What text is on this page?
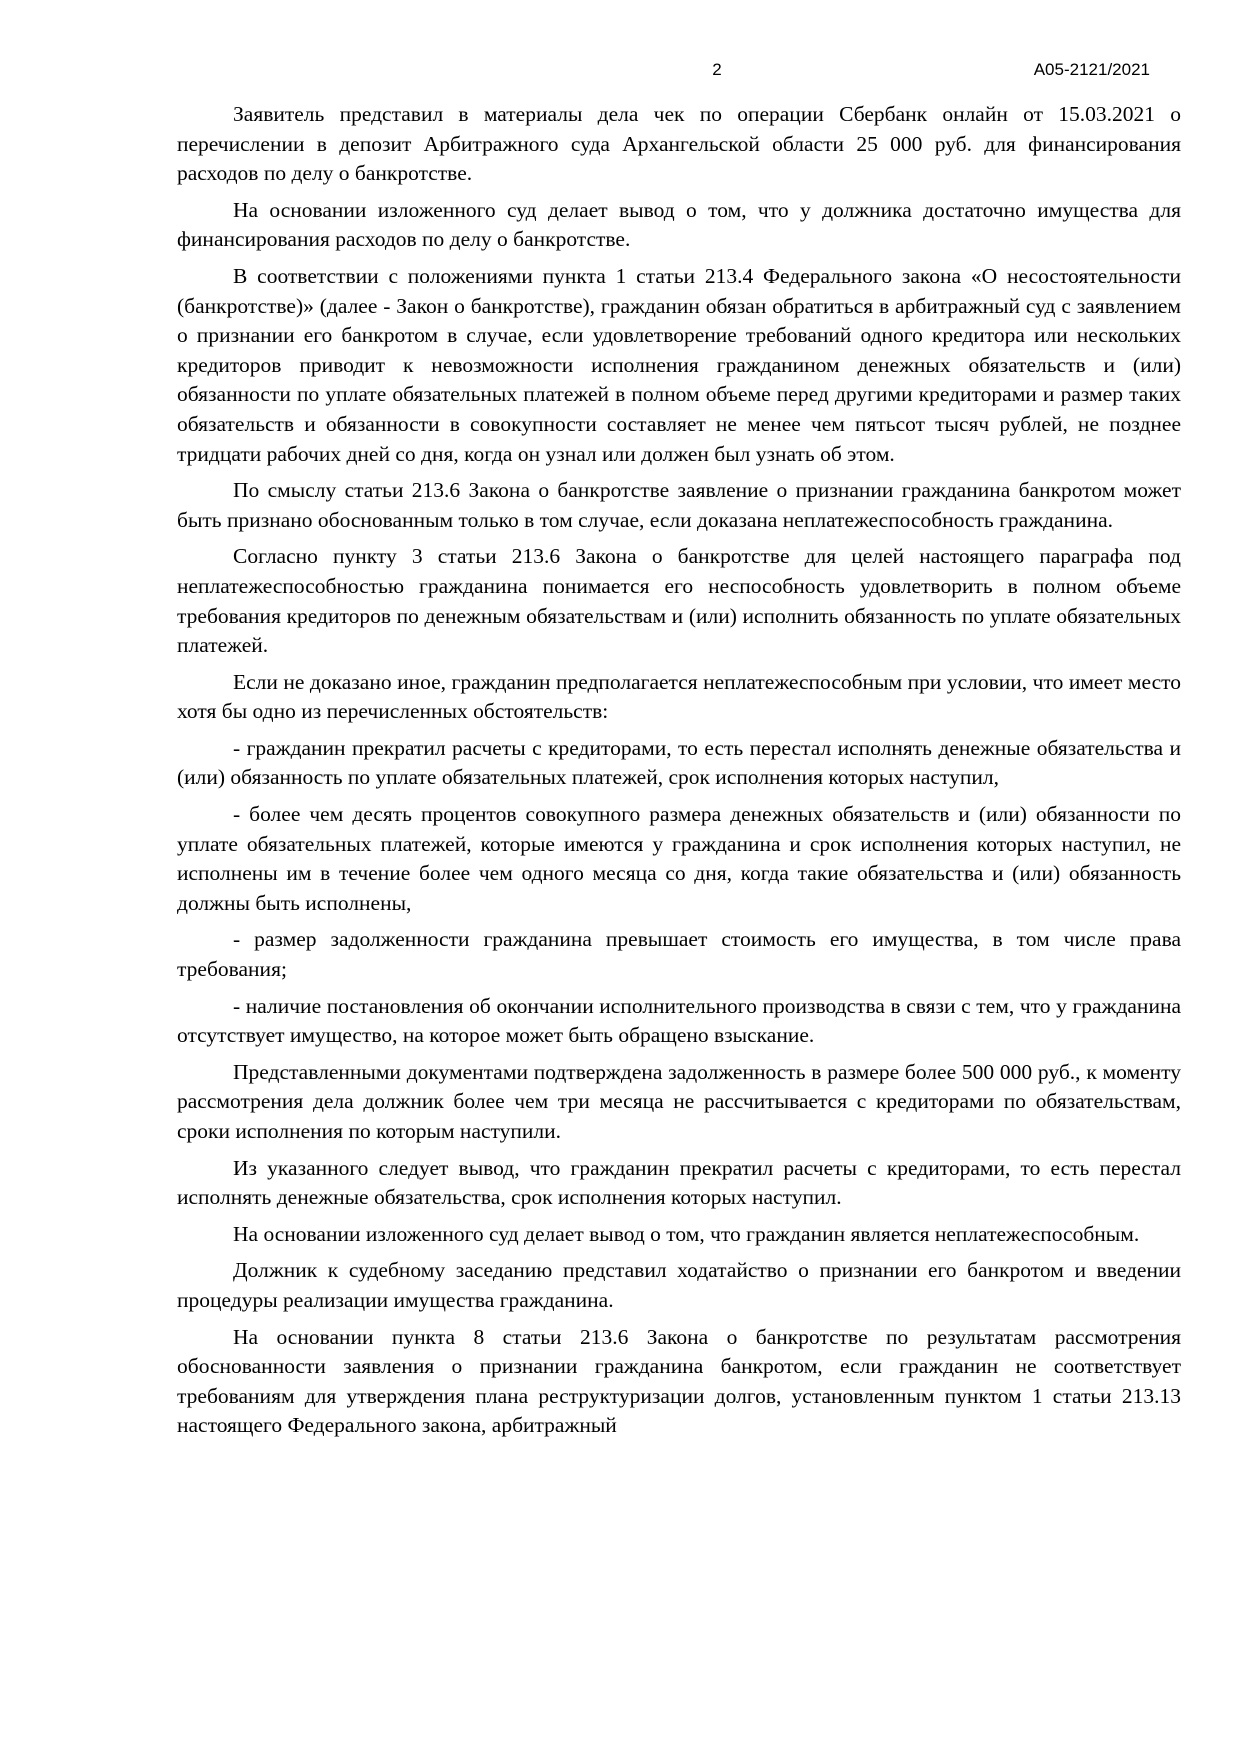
2	А05-2121/2021

Заявитель представил в материалы дела чек по операции Сбербанк онлайн от 15.03.2021 о перечислении в депозит Арбитражного суда Архангельской области 25 000 руб. для финансирования расходов по делу о банкротстве.

На основании изложенного суд делает вывод о том, что у должника достаточно имущества для финансирования расходов по делу о банкротстве.

В соответствии с положениями пункта 1 статьи 213.4 Федерального закона «О несостоятельности (банкротстве)» (далее - Закон о банкротстве), гражданин обязан обратиться в арбитражный суд с заявлением о признании его банкротом в случае, если удовлетворение требований одного кредитора или нескольких кредиторов приводит к невозможности исполнения гражданином денежных обязательств и (или) обязанности по уплате обязательных платежей в полном объеме перед другими кредиторами и размер таких обязательств и обязанности в совокупности составляет не менее чем пятьсот тысяч рублей, не позднее тридцати рабочих дней со дня, когда он узнал или должен был узнать об этом.

По смыслу статьи 213.6 Закона о банкротстве заявление о признании гражданина банкротом может быть признано обоснованным только в том случае, если доказана неплатежеспособность гражданина.

Согласно пункту 3 статьи 213.6 Закона о банкротстве для целей настоящего параграфа под неплатежеспособностью гражданина понимается его неспособность удовлетворить в полном объеме требования кредиторов по денежным обязательствам и (или) исполнить обязанность по уплате обязательных платежей.

Если не доказано иное, гражданин предполагается неплатежеспособным при условии, что имеет место хотя бы одно из перечисленных обстоятельств:

- гражданин прекратил расчеты с кредиторами, то есть перестал исполнять денежные обязательства и (или) обязанность по уплате обязательных платежей, срок исполнения которых наступил,

- более чем десять процентов совокупного размера денежных обязательств и (или) обязанности по уплате обязательных платежей, которые имеются у гражданина и срок исполнения которых наступил, не исполнены им в течение более чем одного месяца со дня, когда такие обязательства и (или) обязанность должны быть исполнены,

- размер задолженности гражданина превышает стоимость его имущества, в том числе права требования;

- наличие постановления об окончании исполнительного производства в связи с тем, что у гражданина отсутствует имущество, на которое может быть обращено взыскание.

Представленными документами подтверждена задолженность в размере более 500 000 руб., к моменту рассмотрения дела должник более чем три месяца не рассчитывается с кредиторами по обязательствам, сроки исполнения по которым наступили.

Из указанного следует вывод, что гражданин прекратил расчеты с кредиторами, то есть перестал исполнять денежные обязательства, срок исполнения которых наступил.

На основании изложенного суд делает вывод о том, что гражданин является неплатежеспособным.

Должник к судебному заседанию представил ходатайство о признании его банкротом и введении процедуры реализации имущества гражданина.

На основании пункта 8 статьи 213.6 Закона о банкротстве по результатам рассмотрения обоснованности заявления о признании гражданина банкротом, если гражданин не соответствует требованиям для утверждения плана реструктуризации долгов, установленным пунктом 1 статьи 213.13 настоящего Федерального закона, арбитражный
